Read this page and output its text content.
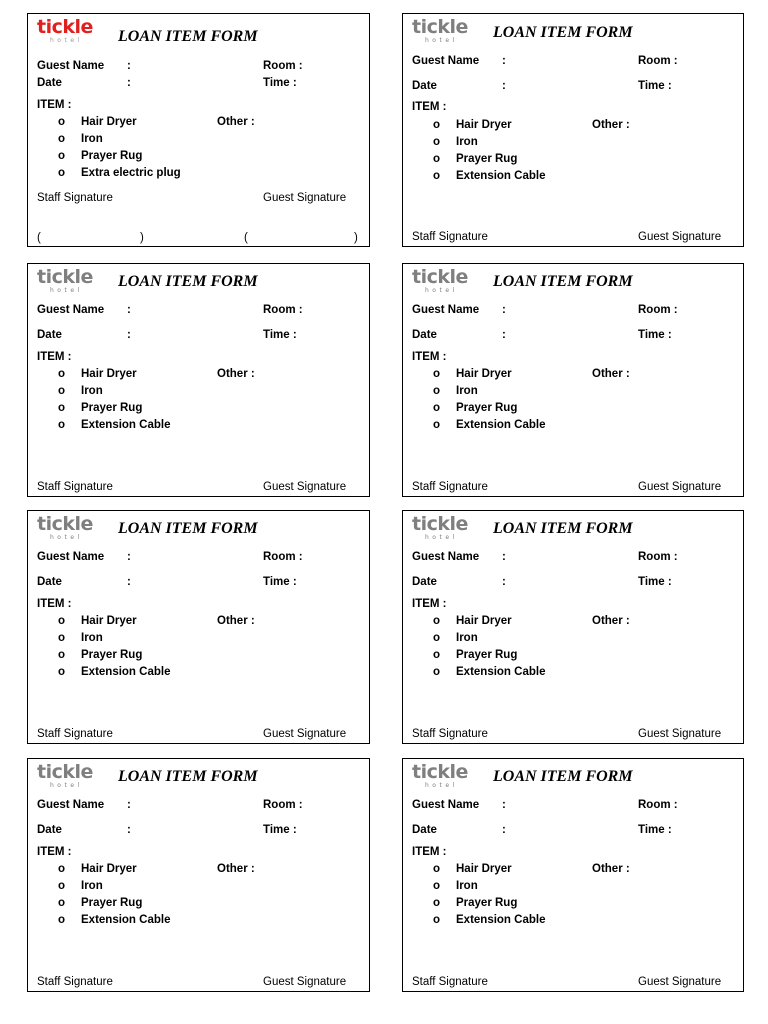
tickle
hotel	LOAN ITEM FORM
Guest Name :	Room :
Date	:	Time :
ITEM :
o Hair Dryer
o Iron
o Prayer Rug
o Extra electric plug
Other :
Staff Signature	Guest Signature
(	)	(	)
tickle
hotel	LOAN ITEM FORM
Guest Name :	Room :
Date	:	Time :
ITEM :
o Hair Dryer
o Iron
o Prayer Rug
o Extension Cable
Other :
Staff Signature	Guest Signature
tickle
hotel
LOAN ITEM FORM
Guest Name :	Room :
Date	:	Time :
ITEM :
o Hair Dryer
o Iron
o Prayer Rug
o Extension Cable
Other :
Staff Signature	Guest Signature
tickle
hotel
LOAN ITEM FORM
Guest Name :	Room :
Date	:	Time :
ITEM :
o Hair Dryer
o Iron
o Prayer Rug
o Extension Cable
Other :
Staff Signature	Guest Signature
tickle
hotel
LOAN ITEM FORM
Guest Name :	Room :
Date	:	Time :
ITEM :
o Hair Dryer
o Iron
o Prayer Rug
o Extension Cable
Other :
Staff Signature	Guest Signature
tickle
hotel
LOAN ITEM FORM
Guest Name :	Room :
Date	:	Time :
ITEM :
o Hair Dryer
o Iron
o Prayer Rug
o Extension Cable
Other :
Staff Signature	Guest Signature
tickle
hotel
LOAN ITEM FORM
Guest Name :	Room :
Date	:	Time :
ITEM :
o Hair Dryer
o Iron
o Prayer Rug
o Extension Cable
Other :
Staff Signature	Guest Signature
tickle
hotel
LOAN ITEM FORM
Guest Name :	Room :
Date	:	Time :
ITEM :
o Hair Dryer
o Iron
o Prayer Rug
o Extension Cable
Other :
Staff Signature	Guest Signature
